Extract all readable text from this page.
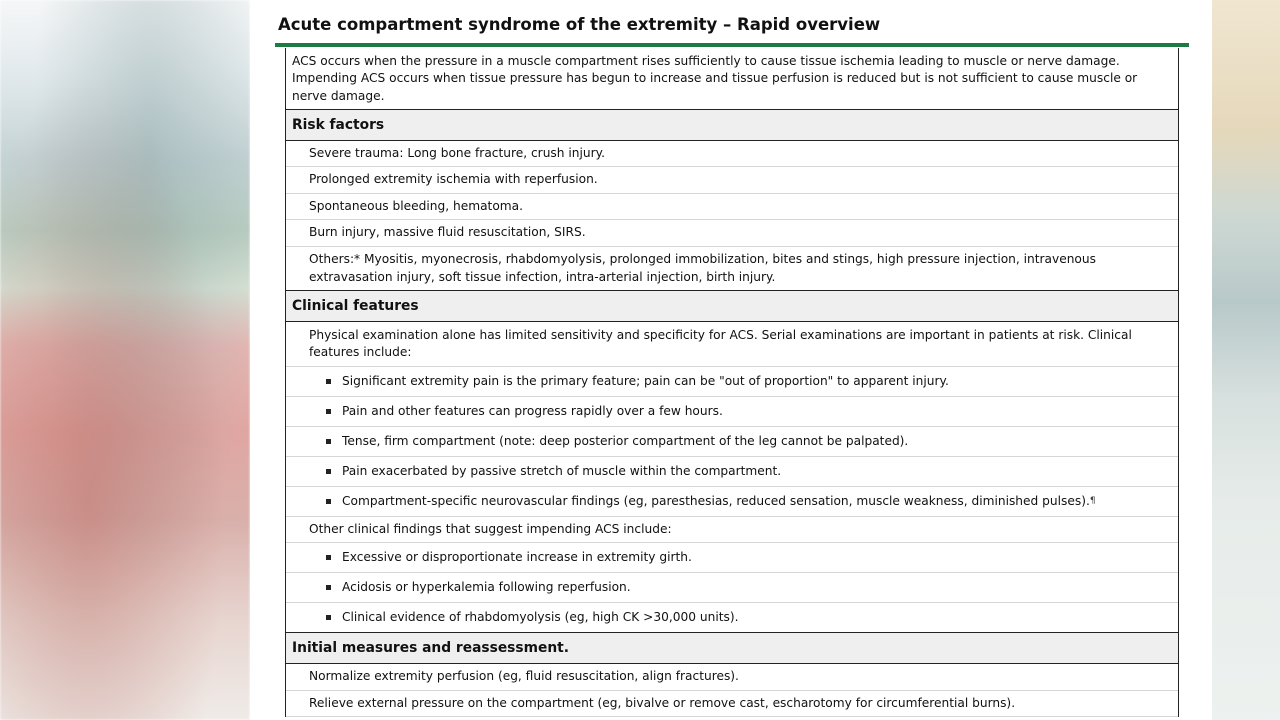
Acute compartment syndrome of the extremity – Rapid overview
ACS occurs when the pressure in a muscle compartment rises sufficiently to cause tissue ischemia leading to muscle or nerve damage. Impending ACS occurs when tissue pressure has begun to increase and tissue perfusion is reduced but is not sufficient to cause muscle or nerve damage.
Risk factors
Severe trauma: Long bone fracture, crush injury.
Prolonged extremity ischemia with reperfusion.
Spontaneous bleeding, hematoma.
Burn injury, massive fluid resuscitation, SIRS.
Others:* Myositis, myonecrosis, rhabdomyolysis, prolonged immobilization, bites and stings, high pressure injection, intravenous extravasation injury, soft tissue infection, intra-arterial injection, birth injury.
Clinical features
Physical examination alone has limited sensitivity and specificity for ACS. Serial examinations are important in patients at risk. Clinical features include:
Significant extremity pain is the primary feature; pain can be "out of proportion" to apparent injury.
Pain and other features can progress rapidly over a few hours.
Tense, firm compartment (note: deep posterior compartment of the leg cannot be palpated).
Pain exacerbated by passive stretch of muscle within the compartment.
Compartment-specific neurovascular findings (eg, paresthesias, reduced sensation, muscle weakness, diminished pulses). ¶
Other clinical findings that suggest impending ACS include:
Excessive or disproportionate increase in extremity girth.
Acidosis or hyperkalemia following reperfusion.
Clinical evidence of rhabdomyolysis (eg, high CK >30,000 units).
Initial measures and reassessment.
Normalize extremity perfusion (eg, fluid resuscitation, align fractures).
Relieve external pressure on the compartment (eg, bivalve or remove cast, escharotomy for circumferential burns).
